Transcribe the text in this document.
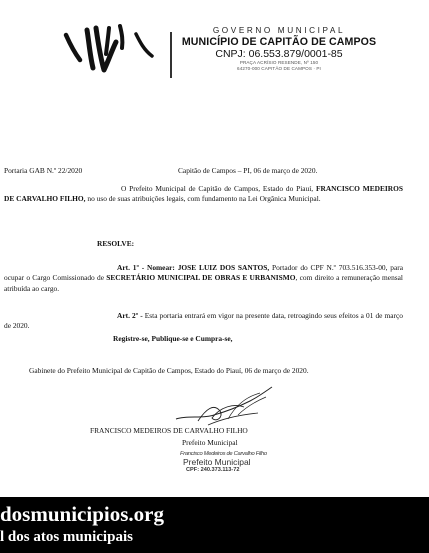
GOVERNO MUNICIPAL
MUNICÍPIO DE CAPITÃO DE CAMPOS
CNPJ: 06.553.879/0001-85
PRAÇA ACRÍSIO RESENDE, Nº 150
64270-000 CAPITÃO DE CAMPOS · PI
Portaria GAB N.º 22/2020	Capitão de Campos – PI, 06 de março de 2020.
O Prefeito Municipal de Capitão de Campos, Estado do Piauí, FRANCISCO MEDEIROS DE CARVALHO FILHO, no uso de suas atribuições legais, com fundamento na Lei Orgânica Municipal.
RESOLVE:
Art. 1º - Nomear: JOSE LUIZ DOS SANTOS, Portador do CPF N.º 703.516.353-00, para ocupar o Cargo Comissionado de SECRETÁRIO MUNICIPAL DE OBRAS E URBANISMO, com direito a remuneração mensal atribuída ao cargo.
Art. 2º - Esta portaria entrará em vigor na presente data, retroagindo seus efeitos a 01 de março de 2020.
Registre-se, Publique-se e Cumpra-se,
Gabinete do Prefeito Municipal de Capitão de Campos, Estado do Piauí, 06 de março de 2020.
FRANCISCO MEDEIROS DE CARVALHO FILHO
Prefeito Municipal
Francisco Medeiros de Carvalho Filho
Prefeito Municipal
CPF: 240.373.113-72
dosmunicipios.org
l dos atos municipais
